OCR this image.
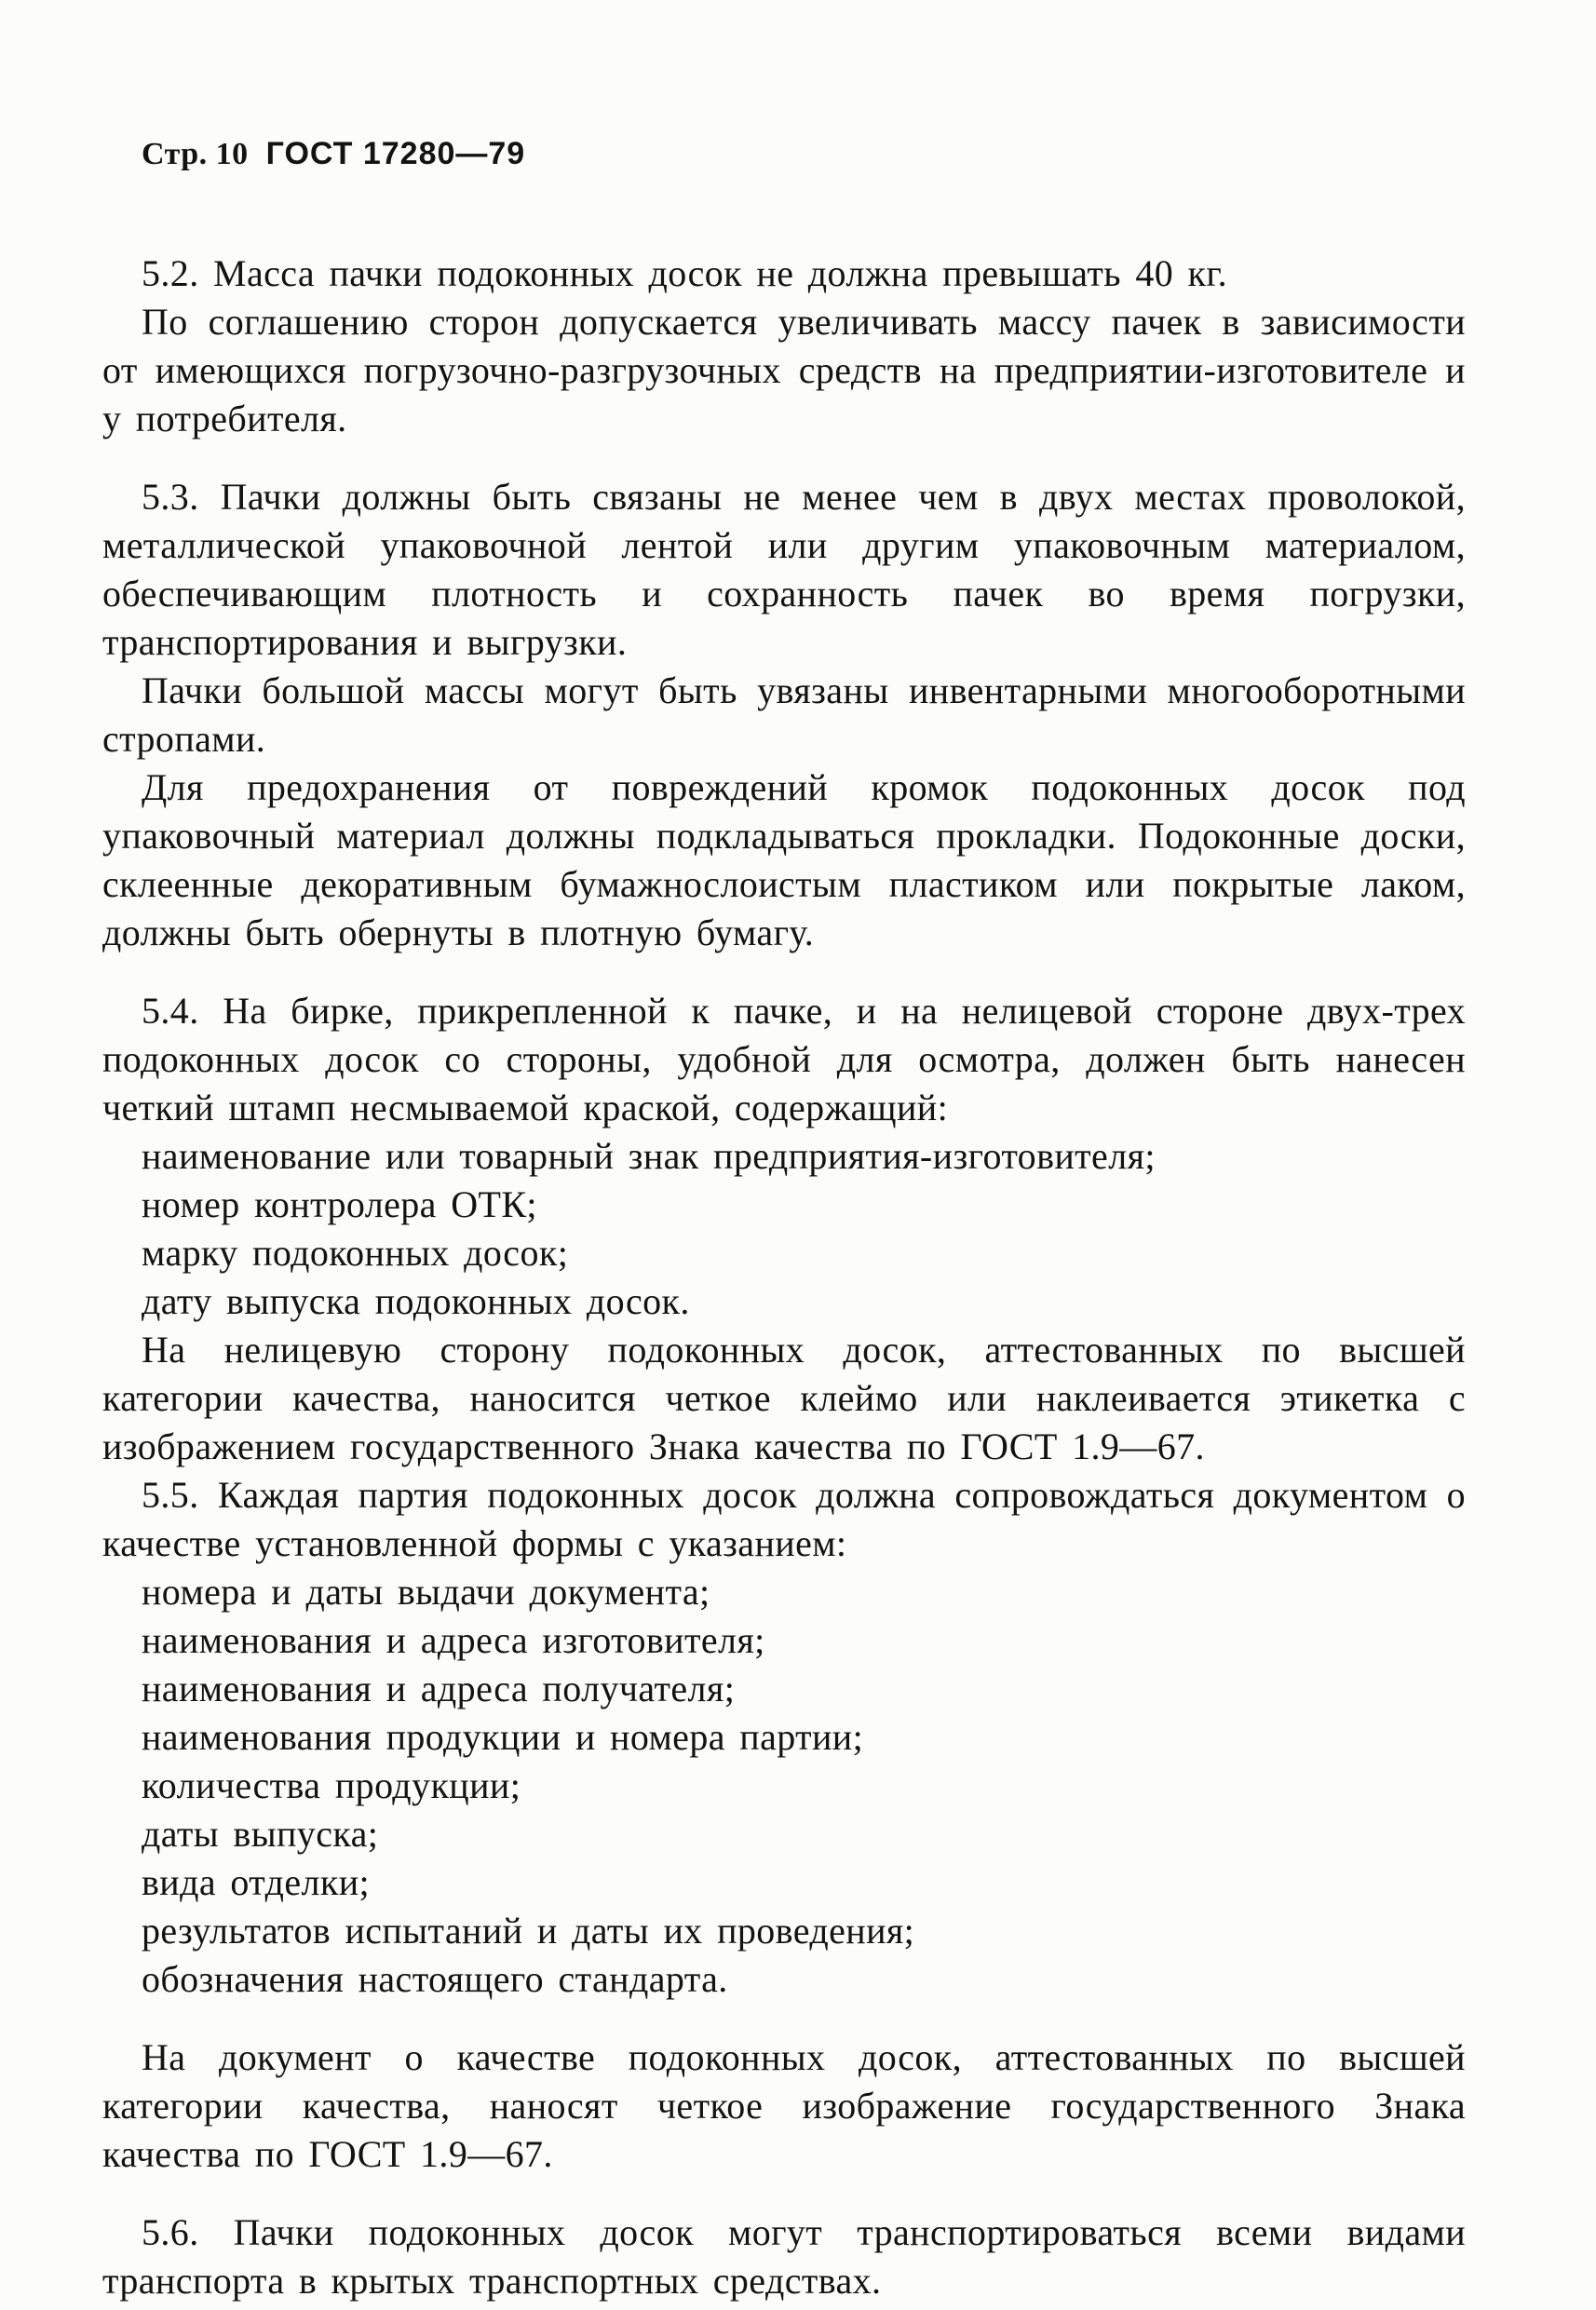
Стр. 10 ГОСТ 17280—79

5.2. Масса пачки подоконных досок не должна превышать 40 кг.

По соглашению сторон допускается увеличивать массу пачек в зависимости от имеющихся погрузочно-разгрузочных средств на предприятии-изготовителе и у потребителя.

5.3. Пачки должны быть связаны не менее чем в двух местах проволокой, металлической упаковочной лентой или другим упаковочным материалом, обеспечивающим плотность и сохранность пачек во время погрузки, транспортирования и выгрузки.

Пачки большой массы могут быть увязаны инвентарными многооборотными стропами.

Для предохранения от повреждений кромок подоконных досок под упаковочный материал должны подкладываться прокладки. Подоконные доски, склеенные декоративным бумажнослоистым пластиком или покрытые лаком, должны быть обернуты в плотную бумагу.

5.4. На бирке, прикрепленной к пачке, и на нелицевой стороне двух-трех подоконных досок со стороны, удобной для осмотра, должен быть нанесен четкий штамп несмываемой краской, содержащий:

наименование или товарный знак предприятия-изготовителя;

номер контролера ОТК;

марку подоконных досок;

дату выпуска подоконных досок.

На нелицевую сторону подоконных досок, аттестованных по высшей категории качества, наносится четкое клеймо или наклеивается этикетка с изображением государственного Знака качества по ГОСТ 1.9—67.

5.5. Каждая партия подоконных досок должна сопровождаться документом о качестве установленной формы с указанием:

номера и даты выдачи документа;

наименования и адреса изготовителя;

наименования и адреса получателя;

наименования продукции и номера партии;

количества продукции;

даты выпуска;

вида отделки;

результатов испытаний и даты их проведения;

обозначения настоящего стандарта.

На документ о качестве подоконных досок, аттестованных по высшей категории качества, наносят четкое изображение государственного Знака качества по ГОСТ 1.9—67.

5.6. Пачки подоконных досок могут транспортироваться всеми видами транспорта в крытых транспортных средствах.
